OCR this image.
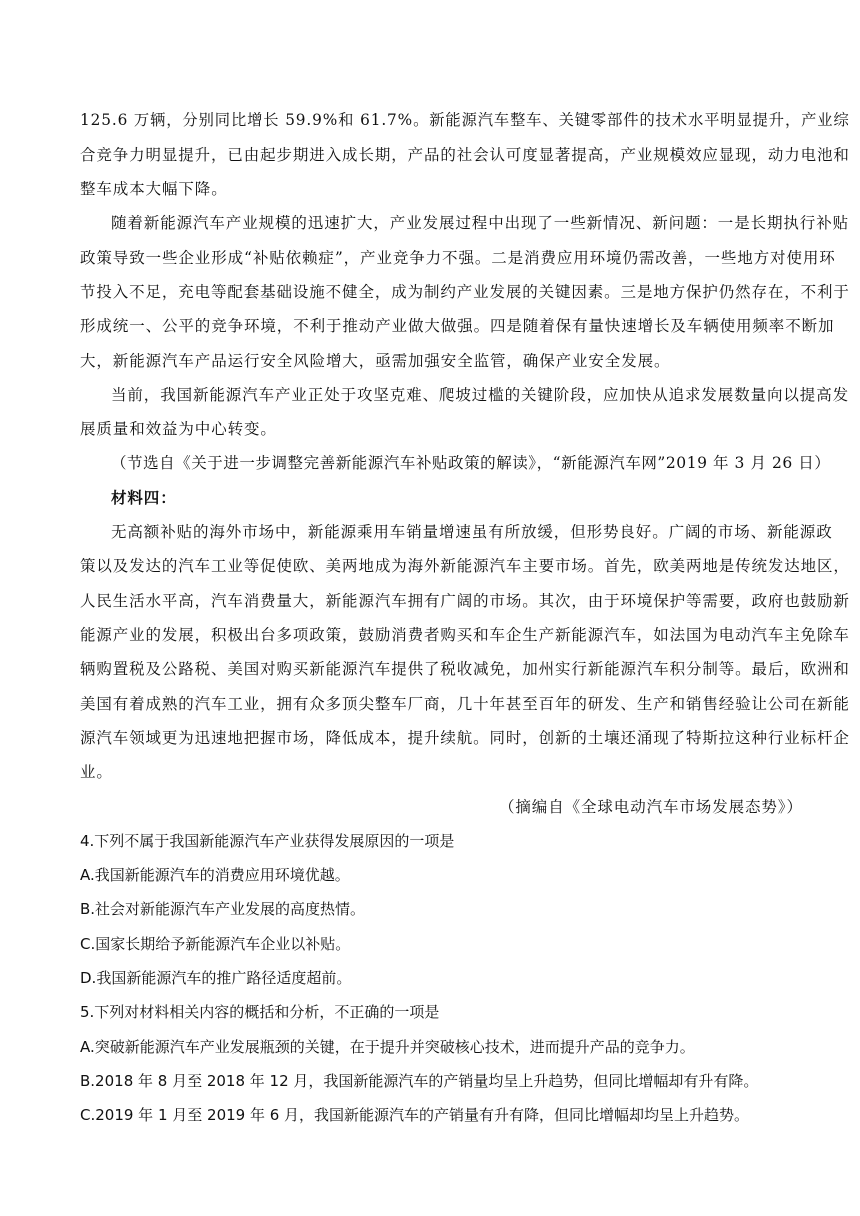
125.6 万辆，分别同比增长 59.9%和 61.7%。新能源汽车整车、关键零部件的技术水平明显提升，产业综
合竞争力明显提升，已由起步期进入成长期，产品的社会认可度显著提高，产业规模效应显现，动力电池和
整车成本大幅下降。
随着新能源汽车产业规模的迅速扩大，产业发展过程中出现了一些新情况、新问题：一是长期执行补贴
政策导致一些企业形成“补贴依赖症”，产业竞争力不强。二是消费应用环境仍需改善，一些地方对使用环
节投入不足，充电等配套基础设施不健全，成为制约产业发展的关键因素。三是地方保护仍然存在，不利于
形成统一、公平的竞争环境，不利于推动产业做大做强。四是随着保有量快速增长及车辆使用频率不断加
大，新能源汽车产品运行安全风险增大，亟需加强安全监管，确保产业安全发展。
当前，我国新能源汽车产业正处于攻坚克难、爬坡过槛的关键阶段，应加快从追求发展数量向以提高发
展质量和效益为中心转变。
（节选自《关于进一步调整完善新能源汽车补贴政策的解读》，“新能源汽车网”2019 年 3 月 26 日）
材料四：
无高额补贴的海外市场中，新能源乘用车销量增速虽有所放缓，但形势良好。广阔的市场、新能源政
策以及发达的汽车工业等促使欧、美两地成为海外新能源汽车主要市场。首先，欧美两地是传统发达地区，
人民生活水平高，汽车消费量大，新能源汽车拥有广阔的市场。其次，由于环境保护等需要，政府也鼓励新
能源产业的发展，积极出台多项政策，鼓励消费者购买和车企生产新能源汽车，如法国为电动汽车主免除车
辆购置税及公路税、美国对购买新能源汽车提供了税收减免，加州实行新能源汽车积分制等。最后，欧洲和
美国有着成熟的汽车工业，拥有众多顶尖整车厂商，几十年甚至百年的研发、生产和销售经验让公司在新能
源汽车领域更为迅速地把握市场，降低成本，提升续航。同时，创新的土壤还涌现了特斯拉这种行业标杆企
业。
（摘编自《全球电动汽车市场发展态势》）
4.下列不属于我国新能源汽车产业获得发展原因的一项是
A.我国新能源汽车的消费应用环境优越。
B.社会对新能源汽车产业发展的高度热情。
C.国家长期给予新能源汽车企业以补贴。
D.我国新能源汽车的推广路径适度超前。
5.下列对材料相关内容的概括和分析，不正确的一项是
A.突破新能源汽车产业发展瓶颈的关键，在于提升并突破核心技术，进而提升产品的竞争力。
B.2018 年 8 月至 2018 年 12 月，我国新能源汽车的产销量均呈上升趋势，但同比增幅却有升有降。
C.2019 年 1 月至 2019 年 6 月，我国新能源汽车的产销量有升有降，但同比增幅却均呈上升趋势。
